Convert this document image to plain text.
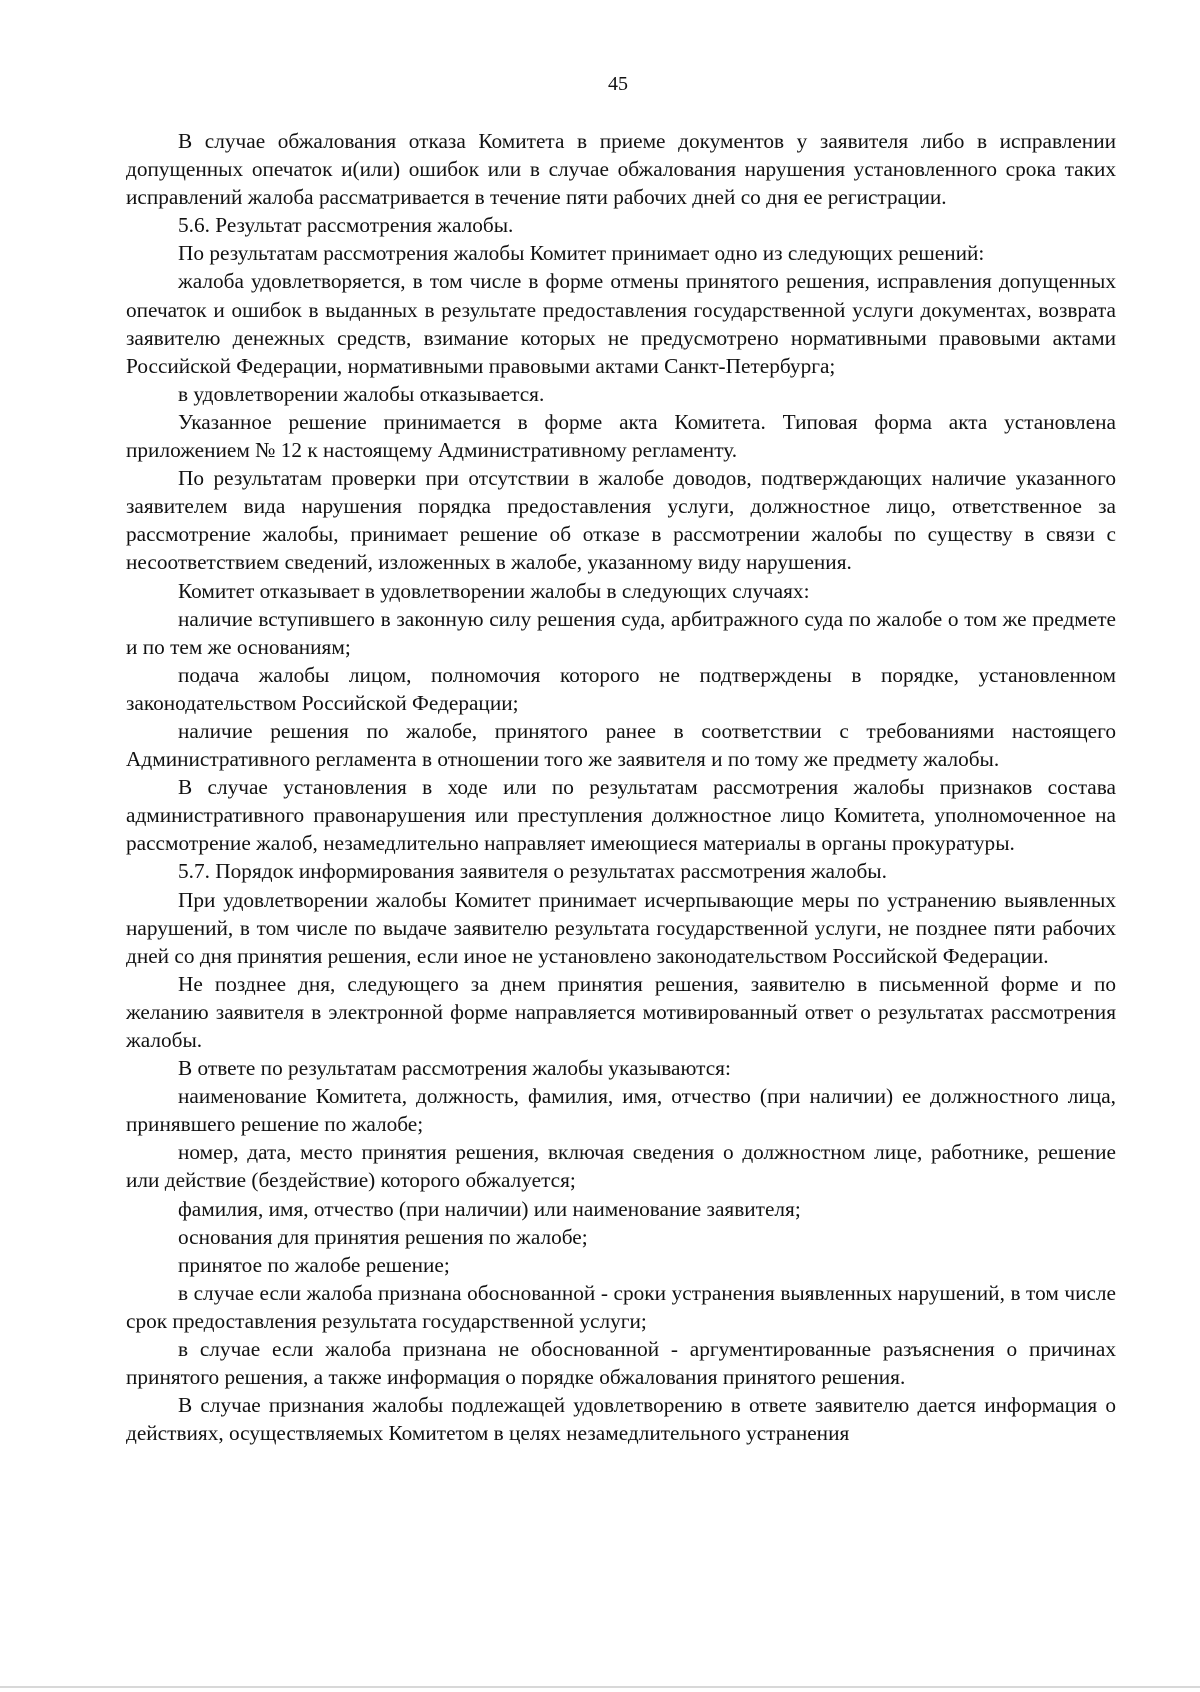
45

В случае обжалования отказа Комитета в приеме документов у заявителя либо в исправлении допущенных опечаток и(или) ошибок или в случае обжалования нарушения установленного срока таких исправлений жалоба рассматривается в течение пяти рабочих дней со дня ее регистрации.

5.6. Результат рассмотрения жалобы.

По результатам рассмотрения жалобы Комитет принимает одно из следующих решений:

жалоба удовлетворяется, в том числе в форме отмены принятого решения, исправления допущенных опечаток и ошибок в выданных в результате предоставления государственной услуги документах, возврата заявителю денежных средств, взимание которых не предусмотрено нормативными правовыми актами Российской Федерации, нормативными правовыми актами Санкт-Петербурга;

в удовлетворении жалобы отказывается.

Указанное решение принимается в форме акта Комитета. Типовая форма акта установлена приложением № 12 к настоящему Административному регламенту.

По результатам проверки при отсутствии в жалобе доводов, подтверждающих наличие указанного заявителем вида нарушения порядка предоставления услуги, должностное лицо, ответственное за рассмотрение жалобы, принимает решение об отказе в рассмотрении жалобы по существу в связи с несоответствием сведений, изложенных в жалобе, указанному виду нарушения.

Комитет отказывает в удовлетворении жалобы в следующих случаях:

наличие вступившего в законную силу решения суда, арбитражного суда по жалобе о том же предмете и по тем же основаниям;

подача жалобы лицом, полномочия которого не подтверждены в порядке, установленном законодательством Российской Федерации;

наличие решения по жалобе, принятого ранее в соответствии с требованиями настоящего Административного регламента в отношении того же заявителя и по тому же предмету жалобы.

В случае установления в ходе или по результатам рассмотрения жалобы признаков состава административного правонарушения или преступления должностное лицо Комитета, уполномоченное на рассмотрение жалоб, незамедлительно направляет имеющиеся материалы в органы прокуратуры.

5.7. Порядок информирования заявителя о результатах рассмотрения жалобы.

При удовлетворении жалобы Комитет принимает исчерпывающие меры по устранению выявленных нарушений, в том числе по выдаче заявителю результата государственной услуги, не позднее пяти рабочих дней со дня принятия решения, если иное не установлено законодательством Российской Федерации.

Не позднее дня, следующего за днем принятия решения, заявителю в письменной форме и по желанию заявителя в электронной форме направляется мотивированный ответ о результатах рассмотрения жалобы.

В ответе по результатам рассмотрения жалобы указываются:

наименование Комитета, должность, фамилия, имя, отчество (при наличии) ее должностного лица, принявшего решение по жалобе;

номер, дата, место принятия решения, включая сведения о должностном лице, работнике, решение или действие (бездействие) которого обжалуется;

фамилия, имя, отчество (при наличии) или наименование заявителя;

основания для принятия решения по жалобе;

принятое по жалобе решение;

в случае если жалоба признана обоснованной - сроки устранения выявленных нарушений, в том числе срок предоставления результата государственной услуги;

в случае если жалоба признана не обоснованной - аргументированные разъяснения о причинах принятого решения, а также информация о порядке обжалования принятого решения.

В случае признания жалобы подлежащей удовлетворению в ответе заявителю дается информация о действиях, осуществляемых Комитетом в целях незамедлительного устранения
